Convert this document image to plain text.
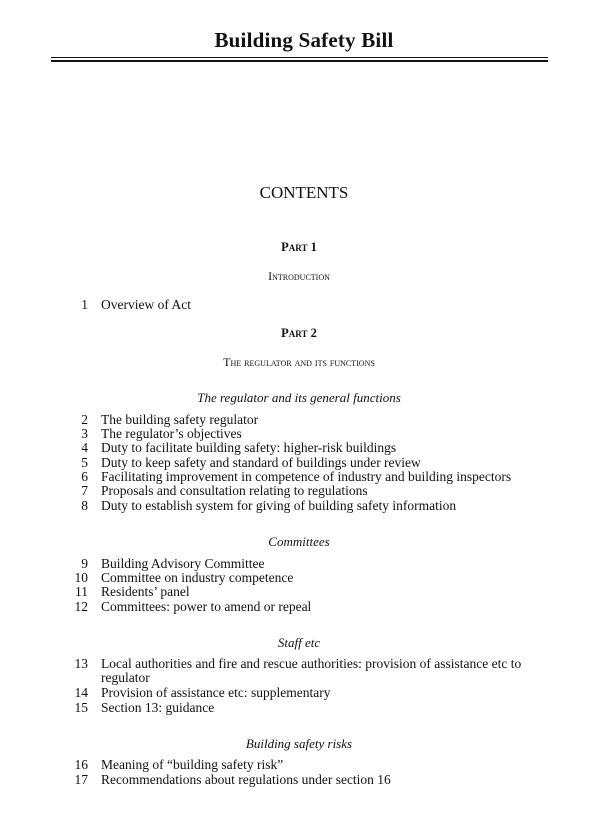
Building Safety Bill
CONTENTS
Part 1
Introduction
1 Overview of Act
Part 2
The regulator and its functions
The regulator and its general functions
2 The building safety regulator
3 The regulator’s objectives
4 Duty to facilitate building safety: higher-risk buildings
5 Duty to keep safety and standard of buildings under review
6 Facilitating improvement in competence of industry and building inspectors
7 Proposals and consultation relating to regulations
8 Duty to establish system for giving of building safety information
Committees
9 Building Advisory Committee
10 Committee on industry competence
11 Residents’ panel
12 Committees: power to amend or repeal
Staff etc
13 Local authorities and fire and rescue authorities: provision of assistance etc to regulator
14 Provision of assistance etc: supplementary
15 Section 13: guidance
Building safety risks
16 Meaning of “building safety risk”
17 Recommendations about regulations under section 16
